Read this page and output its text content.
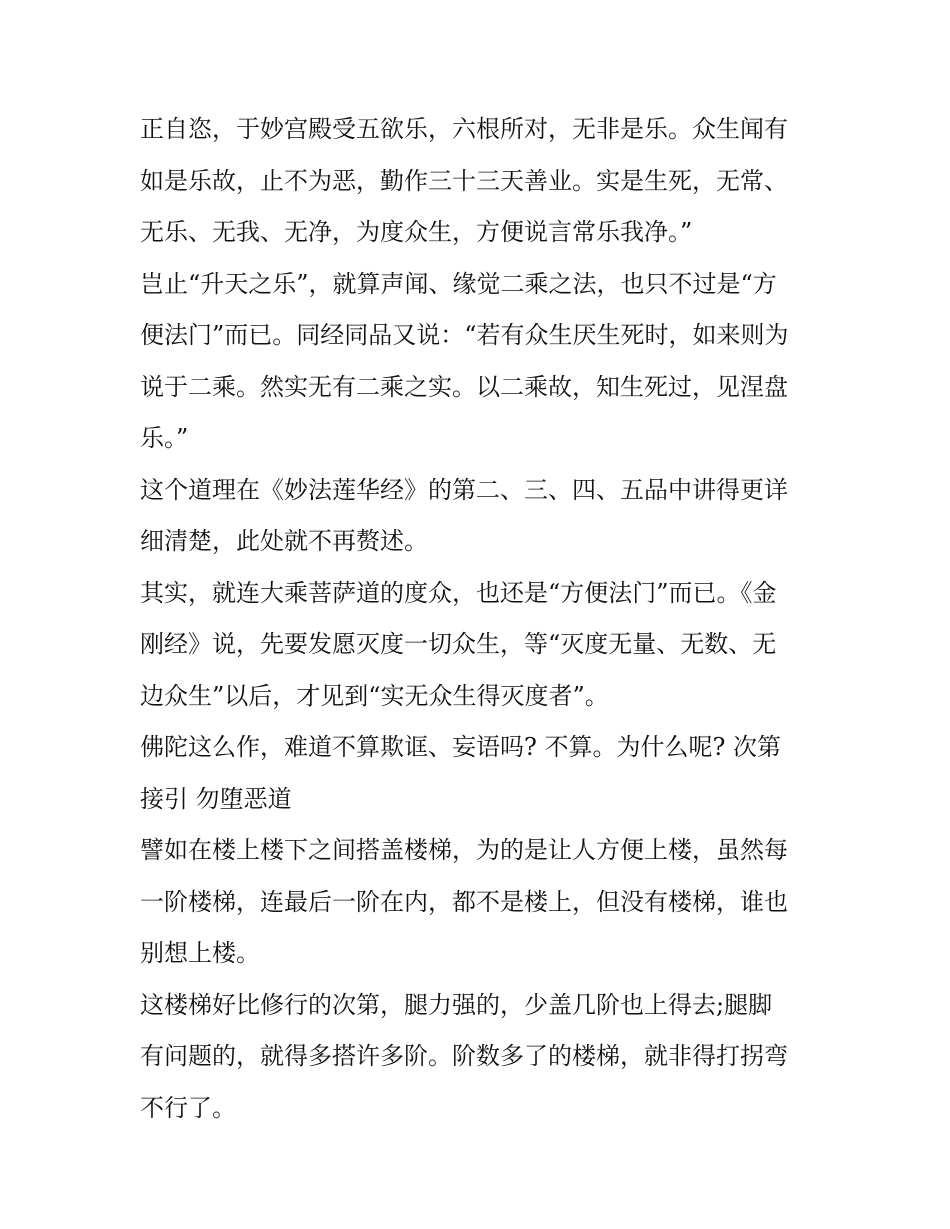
正自恣，于妙宫殿受五欲乐，六根所对，无非是乐。众生闻有
如是乐故，止不为恶，勤作三十三天善业。实是生死，无常、
无乐、无我、无净，为度众生，方便说言常乐我净。”
岂止“升天之乐”，就算声闻、缘觉二乘之法，也只不过是“方
便法门”而已。同经同品又说：“若有众生厌生死时，如来则为
说于二乘。然实无有二乘之实。以二乘故，知生死过，见涅盘
乐。”
这个道理在《妙法莲华经》的第二、三、四、五品中讲得更详
细清楚，此处就不再赘述。
其实，就连大乘菩萨道的度众，也还是“方便法门”而已。《金
刚经》说，先要发愿灭度一切众生，等“灭度无量、无数、无
边众生”以后，才见到“实无众生得灭度者”。
佛陀这么作，难道不算欺诓、妄语吗? 不算。为什么呢? 次第
接引 勿堕恶道
譬如在楼上楼下之间搭盖楼梯，为的是让人方便上楼，虽然每
一阶楼梯，连最后一阶在内，都不是楼上，但没有楼梯，谁也
别想上楼。
这楼梯好比修行的次第，腿力强的，少盖几阶也上得去;腿脚
有问题的，就得多搭许多阶。阶数多了的楼梯，就非得打拐弯
不行了。
